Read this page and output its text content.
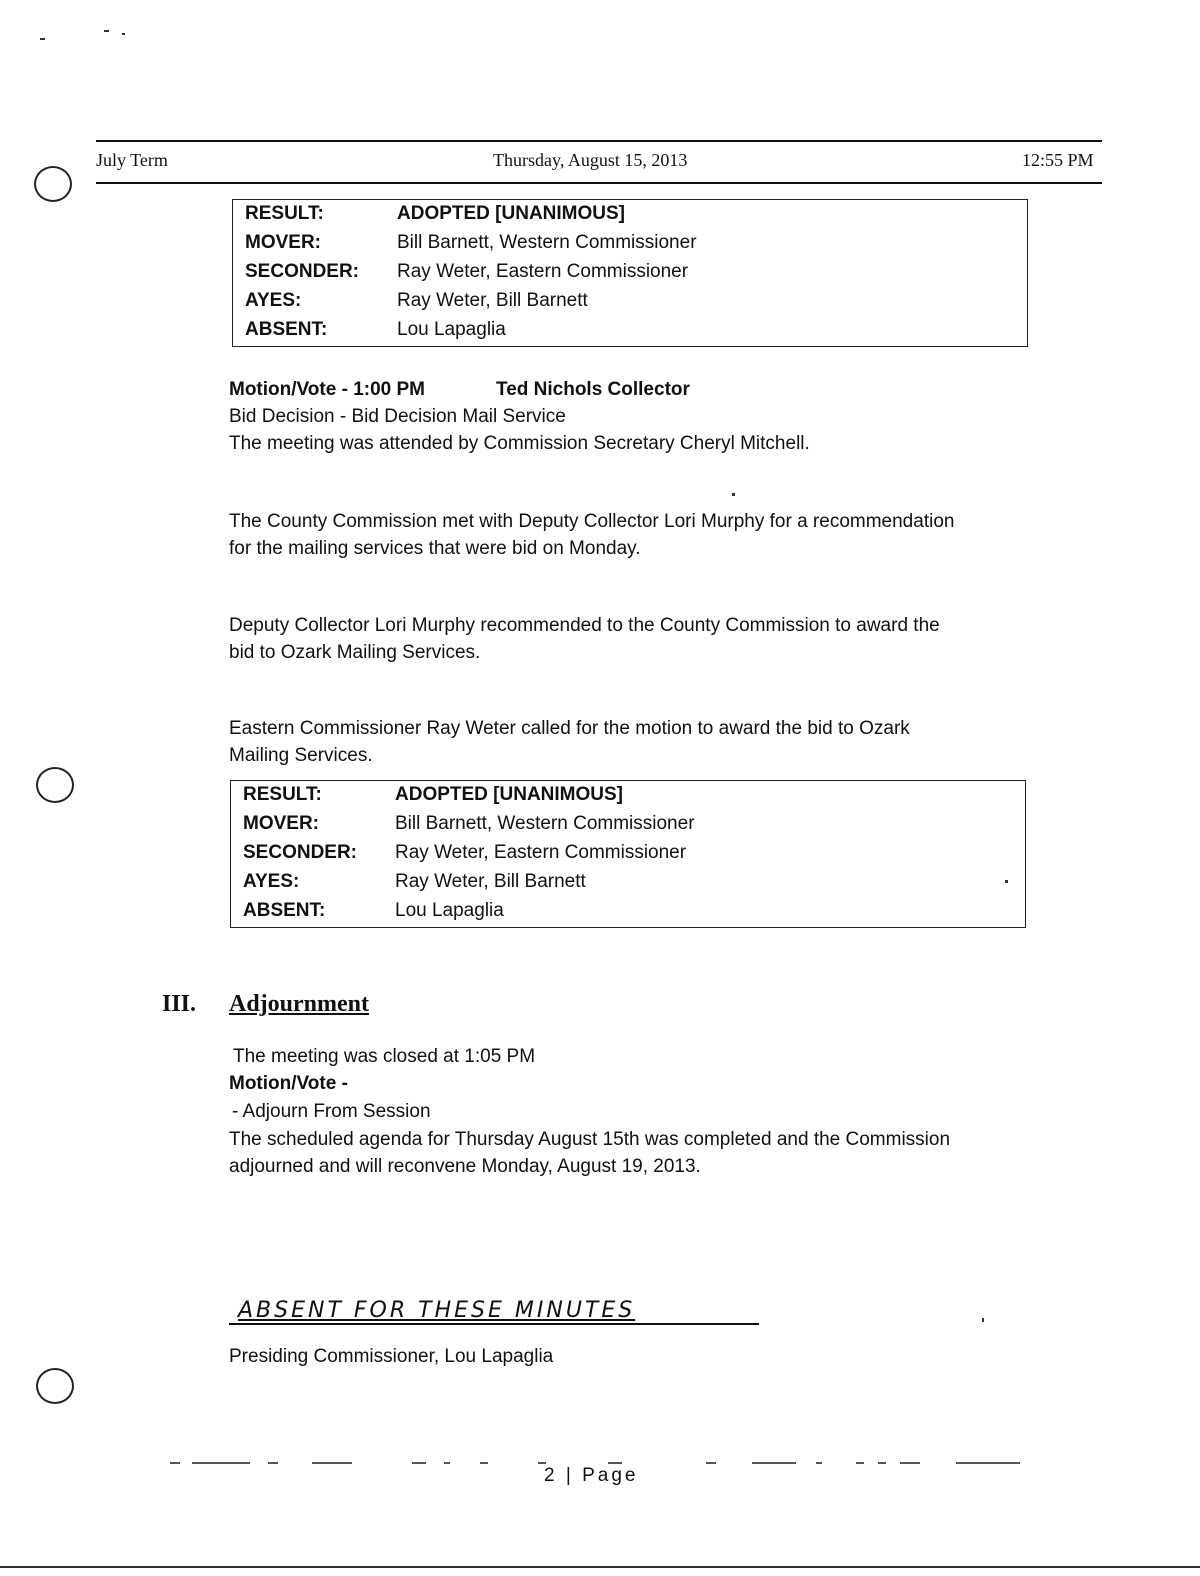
July Term	Thursday, August 15, 2013	12:55 PM
RESULT:	ADOPTED [UNANIMOUS]
MOVER:	Bill Barnett, Western Commissioner
SECONDER: Ray Weter, Eastern Commissioner
AYES:	Ray Weter, Bill Barnett
ABSENT:	Lou Lapaglia
Motion/Vote - 1:00 PM	Ted Nichols Collector
Bid Decision - Bid Decision Mail Service
The meeting was attended by Commission Secretary Cheryl Mitchell.
The County Commission met with Deputy Collector Lori Murphy for a recommendation
for the mailing services that were bid on Monday.
Deputy Collector Lori Murphy recommended to the County Commission to award the
bid to Ozark Mailing Services.
Eastern Commissioner Ray Weter called for the motion to award the bid to Ozark
Mailing Services.
RESULT:	ADOPTED [UNANIMOUS]
MOVER:	Bill Barnett, Western Commissioner
SECONDER: Ray Weter, Eastern Commissioner
AYES:	Ray Weter, Bill Barnett
ABSENT:	Lou Lapaglia
III. Adjournment
The meeting was closed at 1:05 PM
Motion/Vote -
- Adjourn From Session
The scheduled agenda for Thursday August 15th was completed and the Commission
adjourned and will reconvene Monday, August 19, 2013.
ABSENT FOR THESE MINUTES
Presiding Commissioner, Lou Lapaglia
2 | Page
